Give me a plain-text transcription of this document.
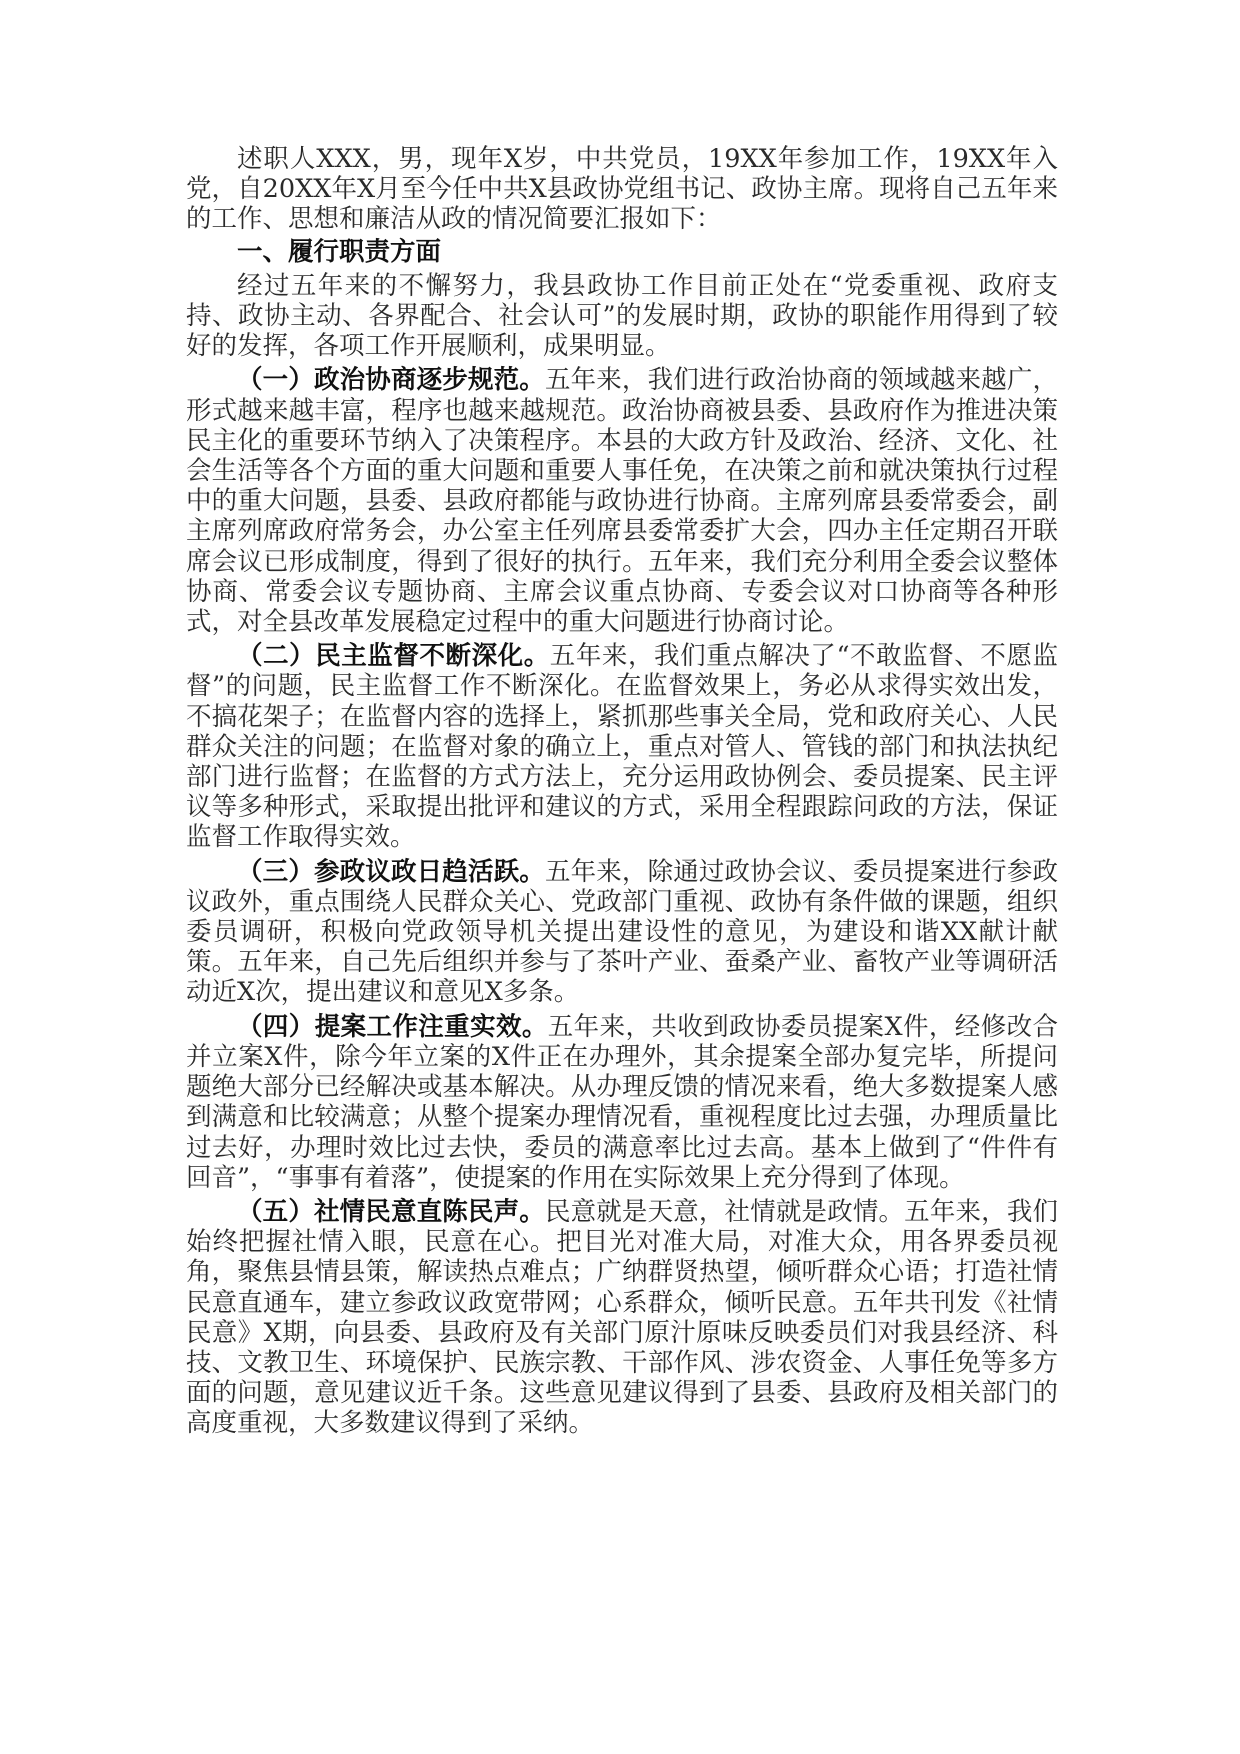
述职人XXX，男，现年X岁，中共党员，19XX年参加工作，19XX年入党，自20XX年X月至今任中共X县政协党组书记、政协主席。现将自己五年来的工作、思想和廉洁从政的情况简要汇报如下：

一、履行职责方面

经过五年来的不懈努力，我县政协工作目前正处在“党委重视、政府支持、政协主动、各界配合、社会认可”的发展时期，政协的职能作用得到了较好的发挥，各项工作开展顺利，成果明显。

（一）政治协商逐步规范。五年来，我们进行政治协商的领域越来越广，形式越来越丰富，程序也越来越规范。政治协商被县委、县政府作为推进决策民主化的重要环节纳入了决策程序。本县的大政方针及政治、经济、文化、社会生活等各个方面的重大问题和重要人事任免，在决策之前和就决策执行过程中的重大问题，县委、县政府都能与政协进行协商。主席列席县委常委会，副主席列席政府常务会，办公室主任列席县委常委扩大会，四办主任定期召开联席会议已形成制度，得到了很好的执行。五年来，我们充分利用全委会议整体协商、常委会议专题协商、主席会议重点协商、专委会议对口协商等各种形式，对全县改革发展稳定过程中的重大问题进行协商讨论。

（二）民主监督不断深化。五年来，我们重点解决了“不敢监督、不愿监督”的问题，民主监督工作不断深化。在监督效果上，务必从求得实效出发，不搞花架子；在监督内容的选择上，紧抓那些事关全局，党和政府关心、人民群众关注的问题；在监督对象的确立上，重点对管人、管钱的部门和执法执纪部门进行监督；在监督的方式方法上，充分运用政协例会、委员提案、民主评议等多种形式，采取提出批评和建议的方式，采用全程跟踪问政的方法，保证监督工作取得实效。

（三）参政议政日趋活跃。五年来，除通过政协会议、委员提案进行参政议政外，重点围绕人民群众关心、党政部门重视、政协有条件做的课题，组织委员调研，积极向党政领导机关提出建设性的意见，为建设和谐XX献计献策。五年来，自己先后组织并参与了茶叶产业、蚕桑产业、畜牧产业等调研活动近X次，提出建议和意见X多条。

（四）提案工作注重实效。五年来，共收到政协委员提案X件，经修改合并立案X件，除今年立案的X件正在办理外，其余提案全部办复完毕，所提问题绝大部分已经解决或基本解决。从办理反馈的情况来看，绝大多数提案人感到满意和比较满意；从整个提案办理情况看，重视程度比过去强，办理质量比过去好，办理时效比过去快，委员的满意率比过去高。基本上做到了“件件有回音”，“事事有着落”，使提案的作用在实际效果上充分得到了体现。

（五）社情民意直陈民声。民意就是天意，社情就是政情。五年来，我们始终把握社情入眼，民意在心。把目光对准大局，对准大众，用各界委员视角，聚焦县情县策，解读热点难点；广纳群贤热望，倾听群众心语；打造社情民意直通车，建立参政议政宽带网；心系群众，倾听民意。五年共刊发《社情民意》X期，向县委、县政府及有关部门原汁原味反映委员们对我县经济、科技、文教卫生、环境保护、民族宗教、干部作风、涉农资金、人事任免等多方面的问题，意见建议近千条。这些意见建议得到了县委、县政府及相关部门的高度重视，大多数建议得到了采纳。
